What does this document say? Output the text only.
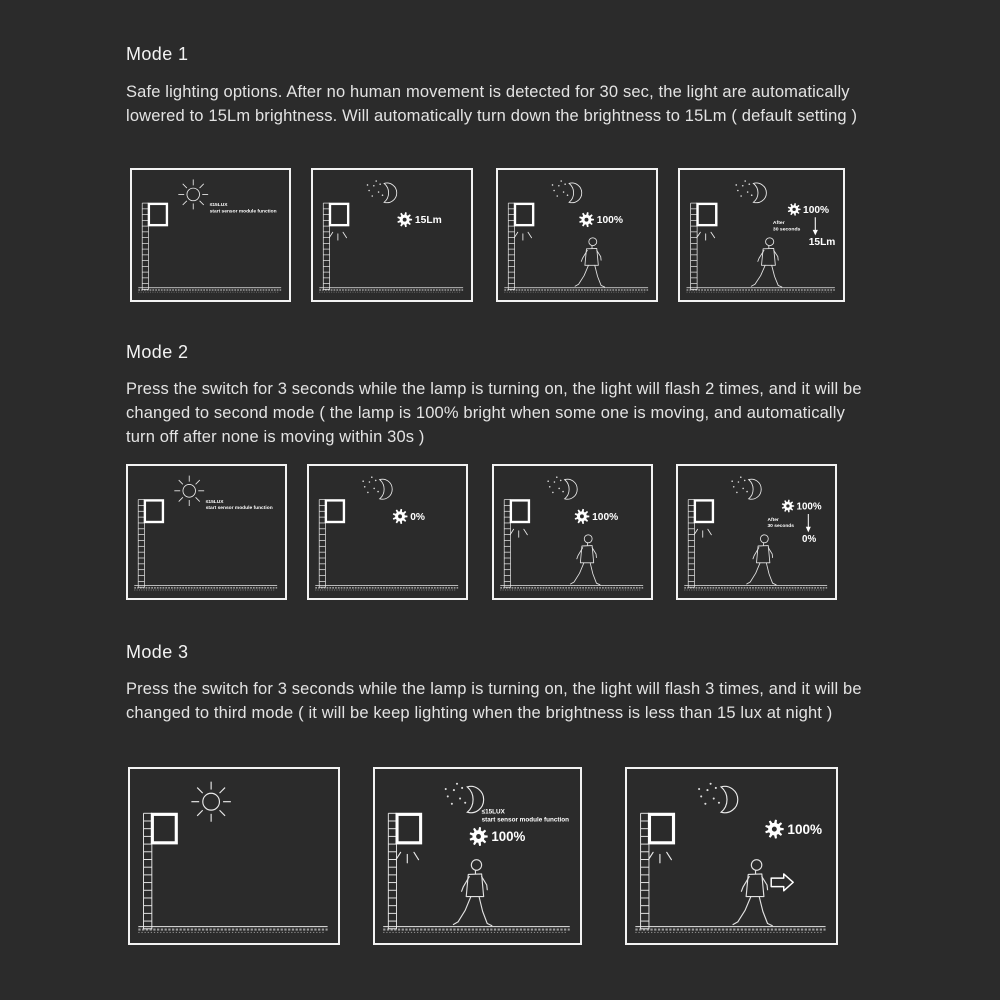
Mode 1

Safe lighting options. After no human movement is detected for 30 sec, the light are automatically lowered to 15Lm brightness. Will automatically turn down the brightness to 15Lm ( default setting )

≤15LUX
start sensor module function
15Lm	100%
100%
After
30 seconds
15Lm
Mode 2

Press the switch for 3 seconds while the lamp is turning on, the light will flash 2 times, and it will be changed to second mode ( the lamp is 100% bright when some one is moving, and automatically turn off after none is moving within 30s )

≤15LUX
start sensor module function
0%	100%
100%
After
30 seconds
0%
Mode 3

Press the switch for 3 seconds while the lamp is turning on, the light will flash 3 times, and it will be changed to third mode ( it will be keep lighting when the brightness is less than 15 lux at night )

≤15LUX
start sensor module function
100%	100%
